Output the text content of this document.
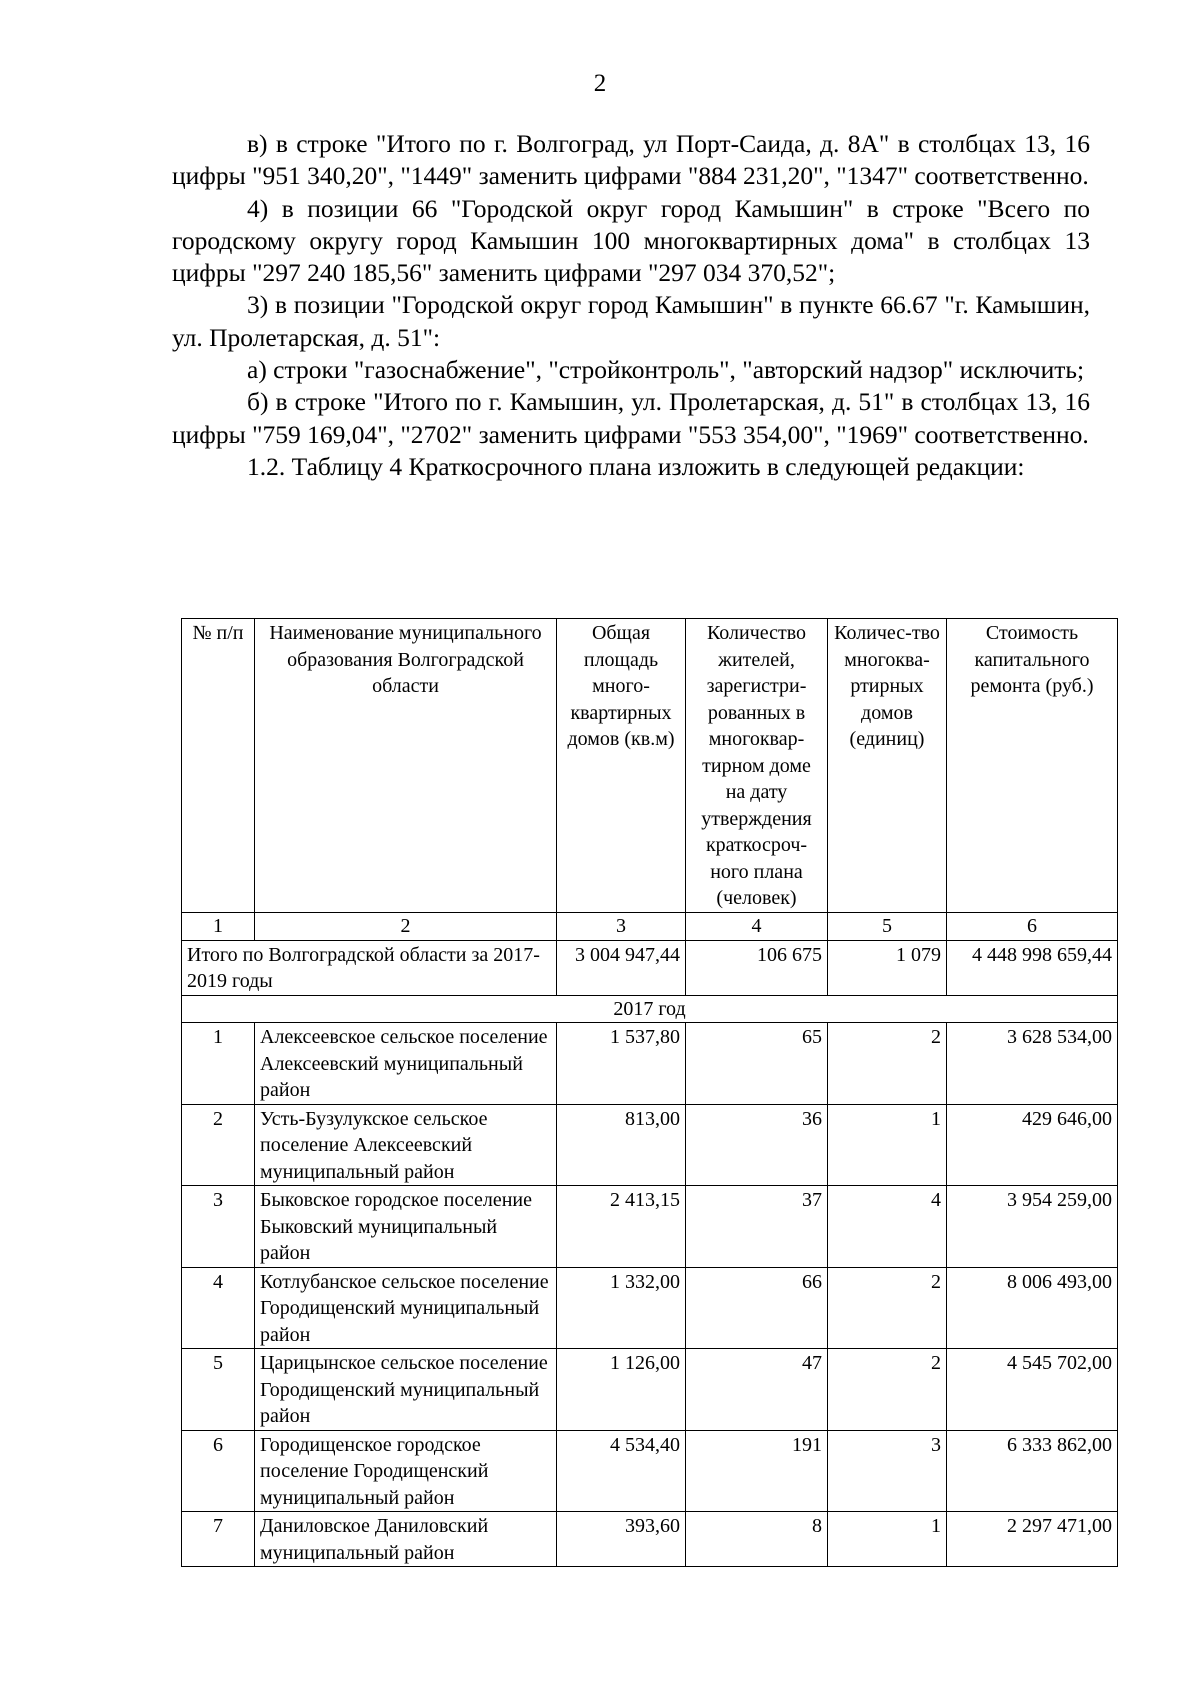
2

в) в строке "Итого по г. Волгоград, ул Порт-Саида, д. 8А" в столбцах 13, 16 цифры "951 340,20", "1449" заменить цифрами "884 231,20", "1347" соответственно.

4) в позиции 66 "Городской округ город Камышин" в строке "Всего по городскому округу город Камышин 100 многоквартирных дома" в столбцах 13 цифры "297 240 185,56" заменить цифрами "297 034 370,52";

3) в позиции "Городской округ город Камышин" в пункте 66.67 "г. Камышин, ул. Пролетарская, д. 51":

а) строки "газоснабжение", "стройконтроль", "авторский надзор" исключить;

б) в строке "Итого по г. Камышин, ул. Пролетарская, д. 51" в столбцах 13, 16 цифры "759 169,04", "2702" заменить цифрами "553 354,00", "1969" соответственно.

1.2. Таблицу 4 Краткосрочного плана изложить в следующей редакции:

№ п/п	Наименование муниципального образования Волгоградской области	Общая площадь много-квартирных домов (кв.м)	Количество жителей, зарегистри-рованных в многоквар-тирном доме на дату утверждения краткосроч-ного плана (человек)	Количес-тво многоква-ртирных домов (единиц)	Стоимость капитального ремонта (руб.)
1	2	3	4	5	6
Итого по Волгоградской области за 2017-2019 годы		3 004 947,44	106 675	1 079	4 448 998 659,44
2017 год					
1	Алексеевское сельское поселение Алексеевский муниципальный район	1 537,80	65	2	3 628 534,00
2	Усть-Бузулукское сельское поселение Алексеевский муниципальный район	813,00	36	1	429 646,00
3	Быковское городское поселение Быковский муниципальный район	2 413,15	37	4	3 954 259,00
4	Котлубанское сельское поселение Городищенский муниципальный район	1 332,00	66	2	8 006 493,00
5	Царицынское сельское поселение Городищенский муниципальный район	1 126,00	47	2	4 545 702,00
6	Городищенское городское поселение Городищенский муниципальный район	4 534,40	191	3	6 333 862,00
7	Даниловское Даниловский муниципальный район	393,60	8	1	2 297 471,00
